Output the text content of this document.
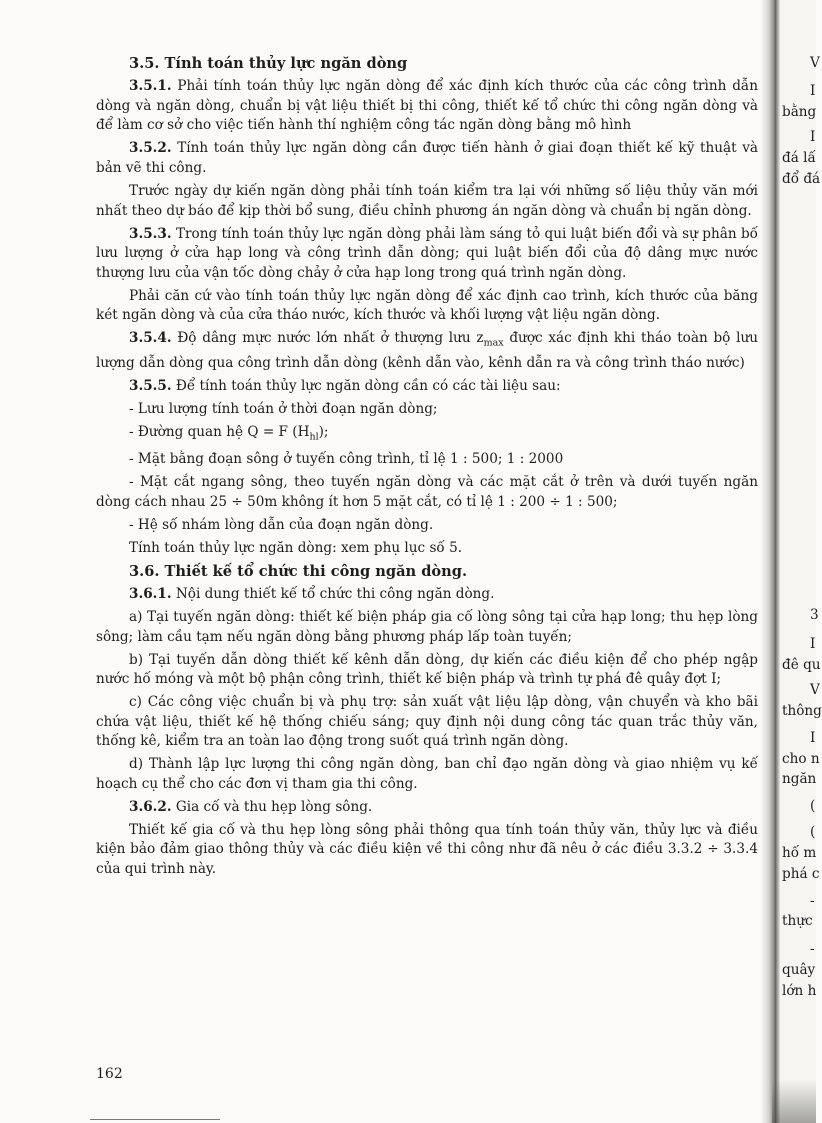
3.5. Tính toán thủy lực ngăn dòng

3.5.1. Phải tính toán thủy lực ngăn dòng để xác định kích thước của các công trình dẫn dòng và ngăn dòng, chuẩn bị vật liệu thiết bị thi công, thiết kế tổ chức thi công ngăn dòng và để làm cơ sở cho việc tiến hành thí nghiệm công tác ngăn dòng bằng mô hình

3.5.2. Tính toán thủy lực ngăn dòng cần được tiến hành ở giai đoạn thiết kế kỹ thuật và bản vẽ thi công.

Trước ngày dự kiến ngăn dòng phải tính toán kiểm tra lại với những số liệu thủy văn mới nhất theo dự báo để kịp thời bổ sung, điều chỉnh phương án ngăn dòng và chuẩn bị ngăn dòng.

3.5.3. Trong tính toán thủy lực ngăn dòng phải làm sáng tỏ qui luật biến đổi và sự phân bố lưu lượng ở cửa hạp long và công trình dẫn dòng; qui luật biến đổi của độ dâng mực nước thượng lưu của vận tốc dòng chảy ở cửa hạp long trong quá trình ngăn dòng.

Phải căn cứ vào tính toán thủy lực ngăn dòng để xác định cao trình, kích thước của băng két ngăn dòng và của cửa tháo nước, kích thước và khối lượng vật liệu ngăn dòng.

3.5.4. Độ dâng mực nước lớn nhất ở thượng lưu $z_{max}$ được xác định khi tháo toàn bộ lưu lượng dẫn dòng qua công trình dẫn dòng (kênh dẫn vào, kênh dẫn ra và công trình tháo nước)

3.5.5. Để tính toán thủy lực ngăn dòng cần có các tài liệu sau:

- Lưu lượng tính toán ở thời đoạn ngăn dòng;

- Đường quan hệ Q = F $(H_{hl})$;

- Mặt bằng đoạn sông ở tuyến công trình, tỉ lệ 1 : 500; 1 : 2000

- Mặt cắt ngang sông, theo tuyến ngăn dòng và các mặt cắt ở trên và dưới tuyến ngăn dòng cách nhau 25 ÷ 50m không ít hơn 5 mặt cắt, có tỉ lệ 1 : 200 ÷ 1 : 500;

- Hệ số nhám lòng dẫn của đoạn ngăn dòng.

Tính toán thủy lực ngăn dòng: xem phụ lục số 5.

3.6. Thiết kế tổ chức thi công ngăn dòng.

3.6.1. Nội dung thiết kế tổ chức thi công ngăn dòng.

a) Tại tuyến ngăn dòng: thiết kế biện pháp gia cố lòng sông tại cửa hạp long; thu hẹp lòng sông; làm cầu tạm nếu ngăn dòng bằng phương pháp lấp toàn tuyến;

b) Tại tuyến dẫn dòng thiết kế kênh dẫn dòng, dự kiến các điều kiện để cho phép ngập nước hố móng và một bộ phận công trình, thiết kế biện pháp và trình tự phá đê quây đợt I;

c) Các công việc chuẩn bị và phụ trợ: sản xuất vật liệu lập dòng, vận chuyển và kho bãi chứa vật liệu, thiết kế hệ thống chiếu sáng; quy định nội dung công tác quan trắc thủy văn, thống kê, kiểm tra an toàn lao động trong suốt quá trình ngăn dòng.

d) Thành lập lực lượng thi công ngăn dòng, ban chỉ đạo ngăn dòng và giao nhiệm vụ kế hoạch cụ thể cho các đơn vị tham gia thi công.

3.6.2. Gia cố và thu hẹp lòng sông.

Thiết kế gia cố và thu hẹp lòng sông phải thông qua tính toán thủy văn, thủy lực và điều kiện bảo đảm giao thông thủy và các điều kiện về thi công như đã nêu ở các điều 3.3.2 ÷ 3.3.4 của qui trình này.

162
V
I
bằng
I
đá lấ
đổ đá
3
I
đê qu
V
thông
I
cho n
ngăn
(
(
hố m
phá c
-
thực
-
quây
lớn h
